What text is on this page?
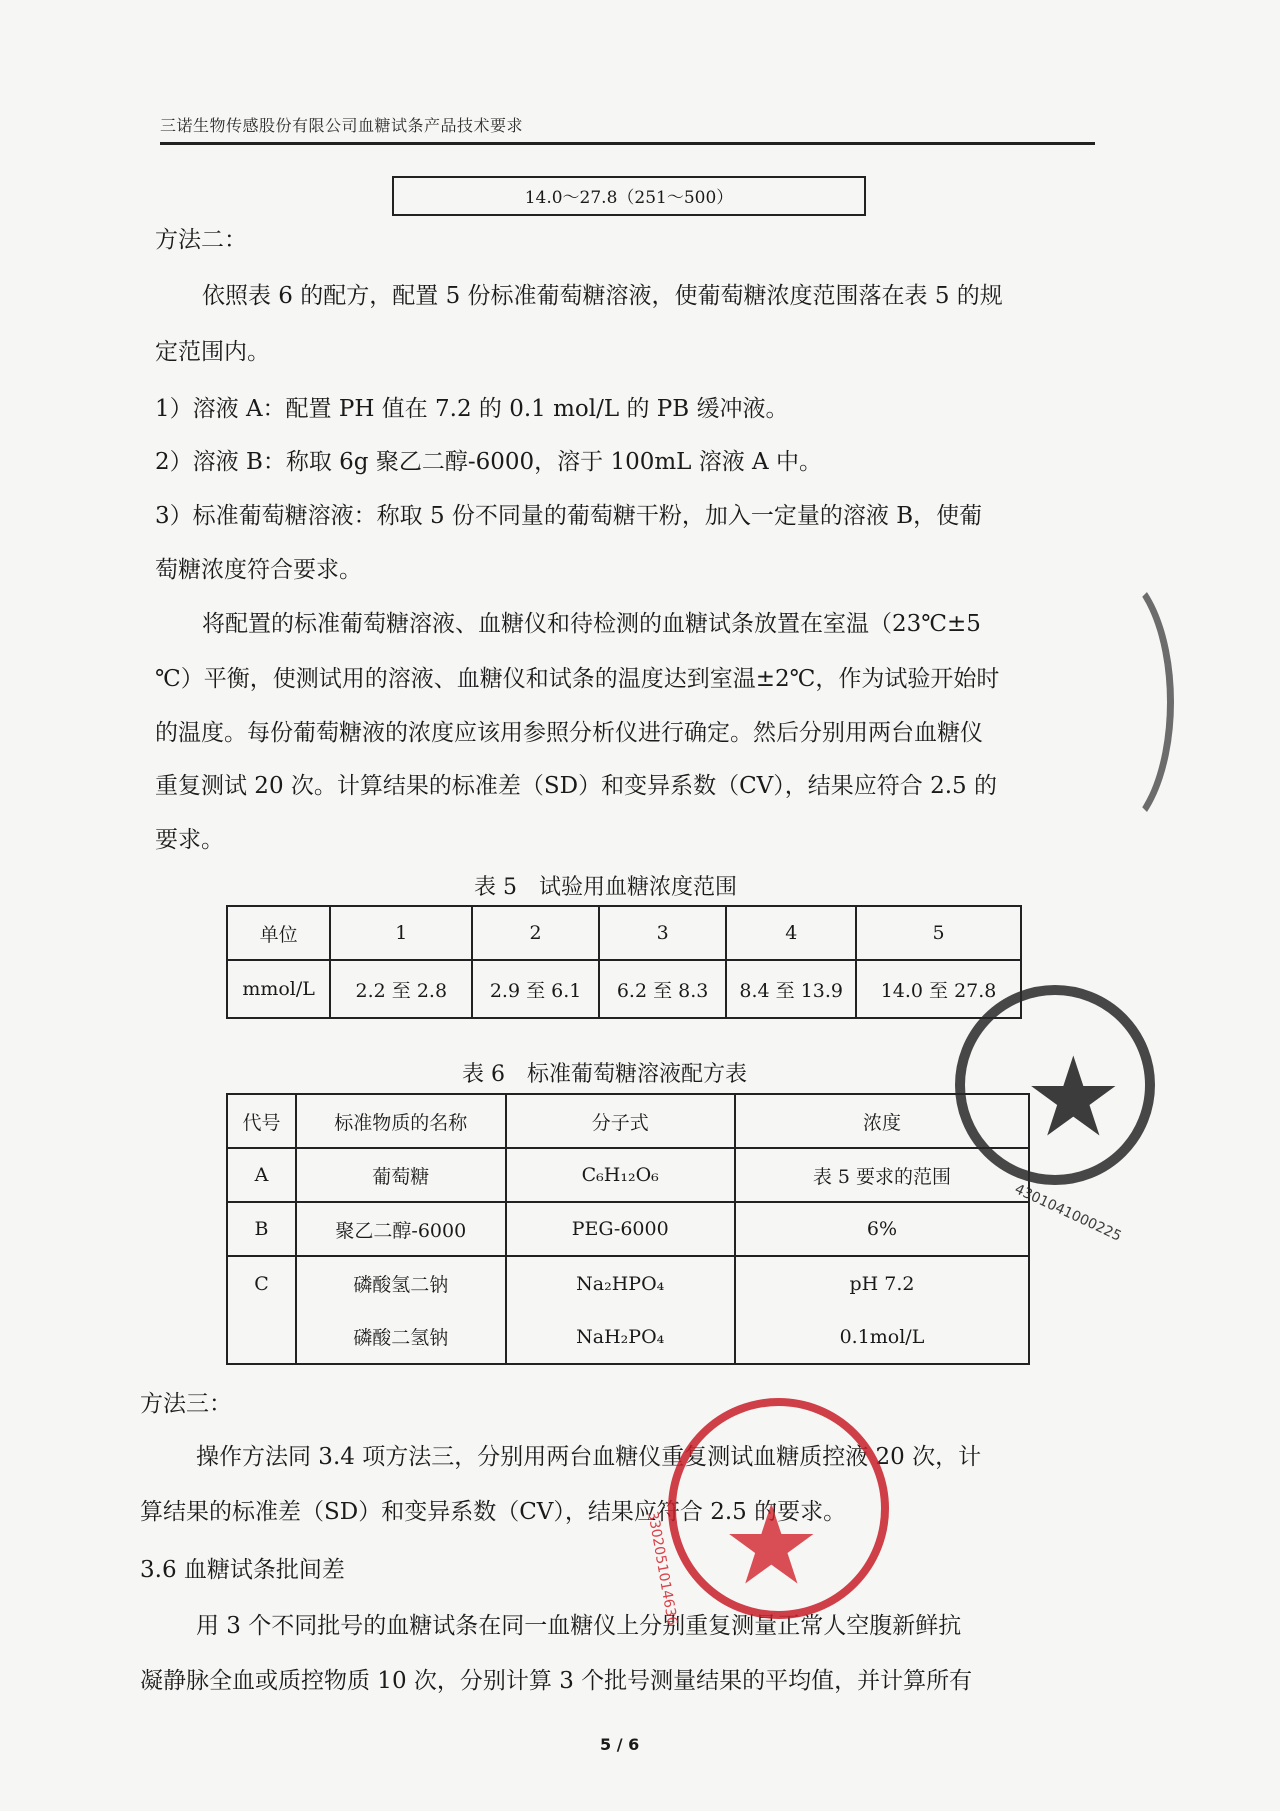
三诺生物传感股份有限公司血糖试条产品技术要求
14.0～27.8（251～500）
方法二：
依照表 6 的配方，配置 5 份标准葡萄糖溶液，使葡萄糖浓度范围落在表 5 的规
定范围内。
1）溶液 A：配置 PH 值在 7.2 的 0.1 mol/L 的 PB 缓冲液。
2）溶液 B：称取 6g 聚乙二醇-6000，溶于 100mL 溶液 A 中。
3）标准葡萄糖溶液：称取 5 份不同量的葡萄糖干粉，加入一定量的溶液 B，使葡
萄糖浓度符合要求。
将配置的标准葡萄糖溶液、血糖仪和待检测的血糖试条放置在室温（23℃±5
℃）平衡，使测试用的溶液、血糖仪和试条的温度达到室温±2℃，作为试验开始时
的温度。每份葡萄糖液的浓度应该用参照分析仪进行确定。然后分别用两台血糖仪
重复测试 20 次。计算结果的标准差（SD）和变异系数（CV），结果应符合 2.5 的
要求。
表 5　试验用血糖浓度范围
单位	1	2	3	4	5
mmol/L	2.2 至 2.8	2.9 至 6.1	6.2 至 8.3	8.4 至 13.9	14.0 至 27.8
表 6　标准葡萄糖溶液配方表
代号	标准物质的名称	分子式	浓度
A	葡萄糖	C₆H₁₂O₆	表 5 要求的范围
B	聚乙二醇-6000	PEG-6000	6%
C	磷酸氢二钠	Na₂HPO₄	pH 7.2
	磷酸二氢钠	NaH₂PO₄	0.1mol/L
方法三：
操作方法同 3.4 项方法三，分别用两台血糖仪重复测试血糖质控液 20 次，计
算结果的标准差（SD）和变异系数（CV），结果应符合 2.5 的要求。
3.6 血糖试条批间差
用 3 个不同批号的血糖试条在同一血糖仪上分别重复测量正常人空腹新鲜抗
凝静脉全血或质控物质 10 次，分别计算 3 个批号测量结果的平均值，并计算所有
5 / 6
★
4301041000225
★
3302051014636
